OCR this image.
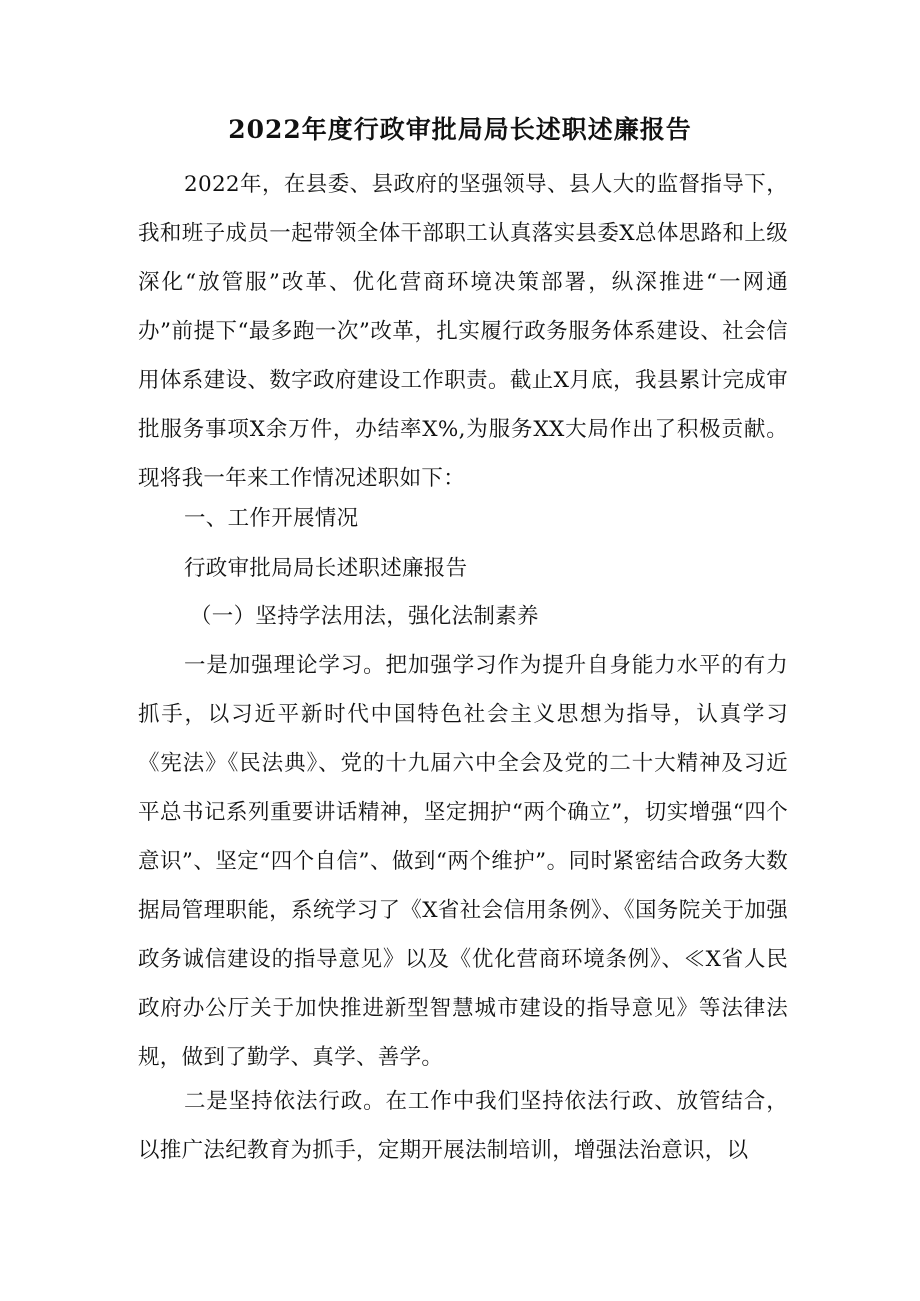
2022年度行政审批局局长述职述廉报告
2022年，在县委、县政府的坚强领导、县人大的监督指导下，我和班子成员一起带领全体干部职工认真落实县委X总体思路和上级深化“放管服”改革、优化营商环境决策部署，纵深推进“一网通办”前提下“最多跑一次”改革，扎实履行政务服务体系建设、社会信用体系建设、数字政府建设工作职责。截止X月底，我县累计完成审批服务事项X余万件，办结率X%,为服务XX大局作出了积极贡献。现将我一年来工作情况述职如下：
一、工作开展情况
行政审批局局长述职述廉报告
（一）坚持学法用法，强化法制素养
一是加强理论学习。把加强学习作为提升自身能力水平的有力抓手，以习近平新时代中国特色社会主义思想为指导，认真学习《宪法》《民法典》、党的十九届六中全会及党的二十大精神及习近平总书记系列重要讲话精神，坚定拥护“两个确立”，切实增强“四个意识”、坚定“四个自信”、做到“两个维护”。同时紧密结合政务大数据局管理职能，系统学习了《X省社会信用条例》、《国务院关于加强政务诚信建设的指导意见》以及《优化营商环境条例》、≪X省人民政府办公厅关于加快推进新型智慧城市建设的指导意见》等法律法规，做到了勤学、真学、善学。
二是坚持依法行政。在工作中我们坚持依法行政、放管结合，以推广法纪教育为抓手，定期开展法制培训，增强法治意识，以
